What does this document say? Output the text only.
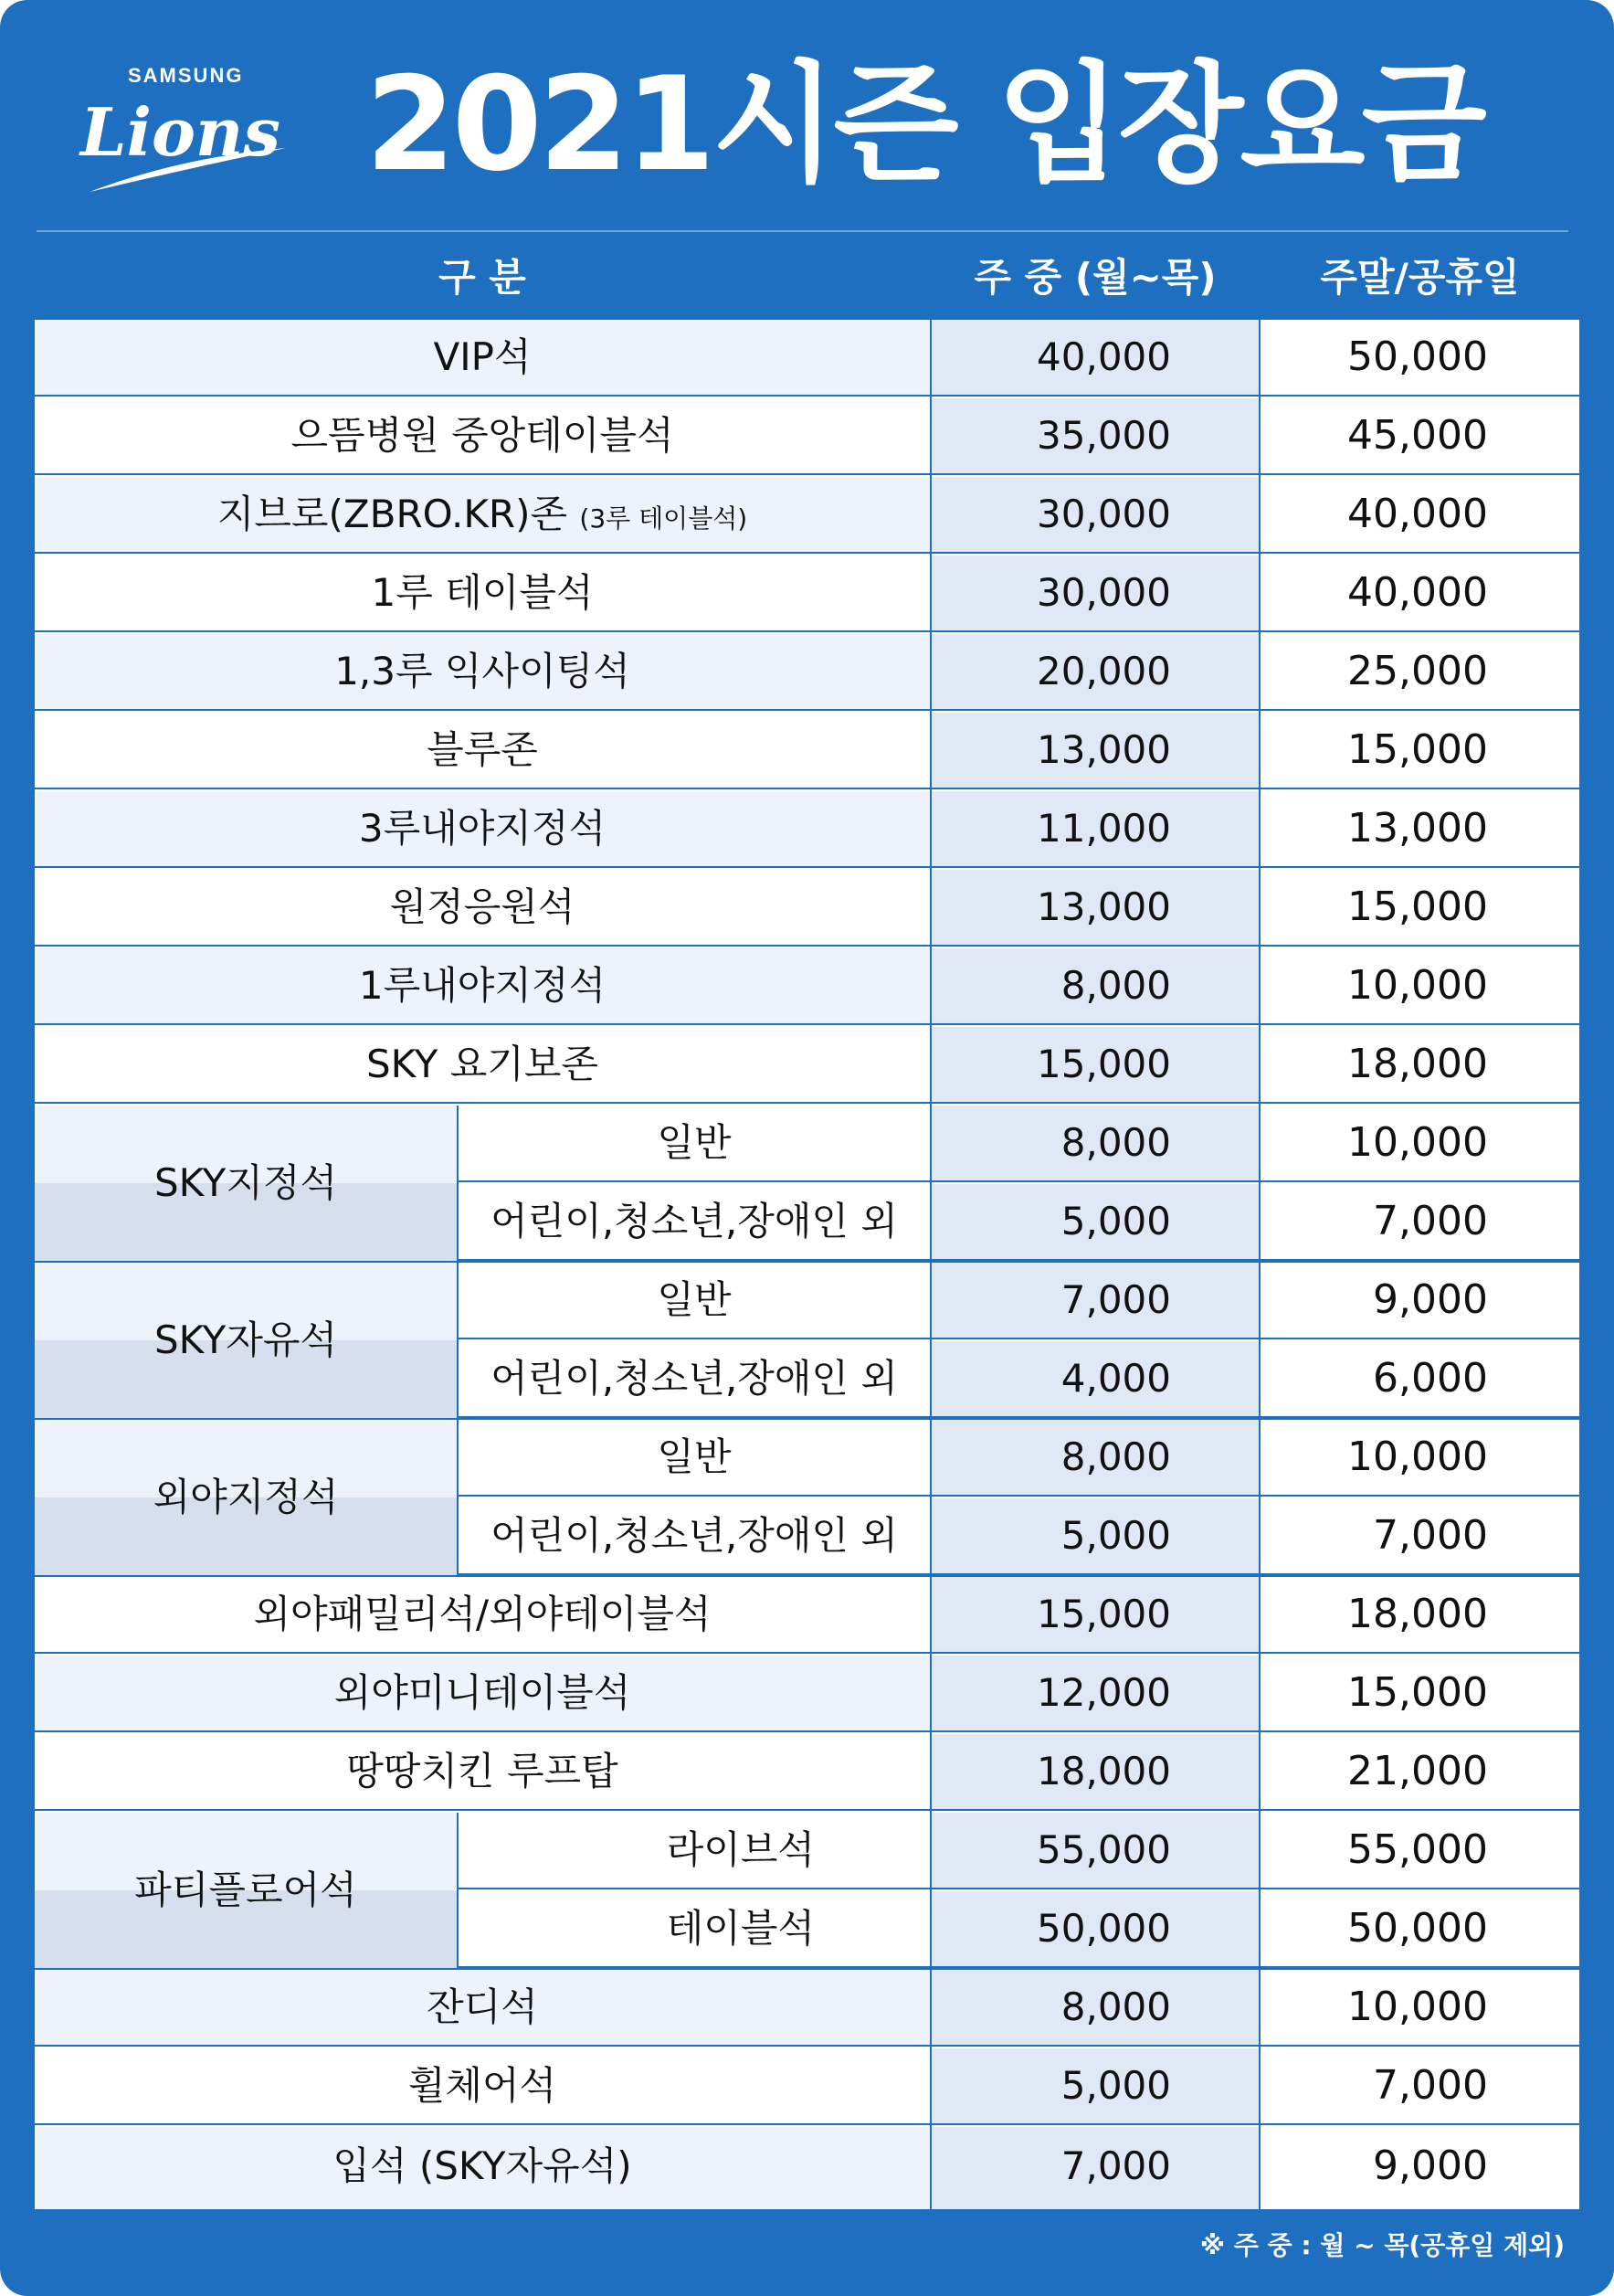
SAMSUNG
Lions 2021시즌 입장요금
구 분	주 중 (월~목)	주말/공휴일
VIP석	40,000	50,000
으뜸병원 중앙테이블석	35,000	45,000
지브로(ZBRO.KR)존 (3루 테이블석)	30,000	40,000
1루 테이블석	30,000	40,000
1,3루 익사이팅석	20,000	25,000
블루존	13,000	15,000
3루내야지정석	11,000	13,000
원정응원석	13,000	15,000
1루내야지정석	8,000	10,000
SKY 요기보존	15,000	18,000
SKY지정석
일반	8,000	10,000
어린이,청소년,장애인 외	5,000	7,000
SKY자유석
일반	7,000	9,000
어린이,청소년,장애인 외	4,000	6,000
외야지정석
일반	8,000	10,000
어린이,청소년,장애인 외	5,000	7,000
외야패밀리석/외야테이블석	15,000	18,000
외야미니테이블석	12,000	15,000
땅땅치킨 루프탑	18,000	21,000
파티플로어석
라이브석	55,000	55,000
테이블석	50,000	50,000
잔디석	8,000	10,000
휠체어석	5,000	7,000
입석 (SKY자유석)	7,000	9,000
※ 주 중 : 월 ~ 목(공휴일 제외)
